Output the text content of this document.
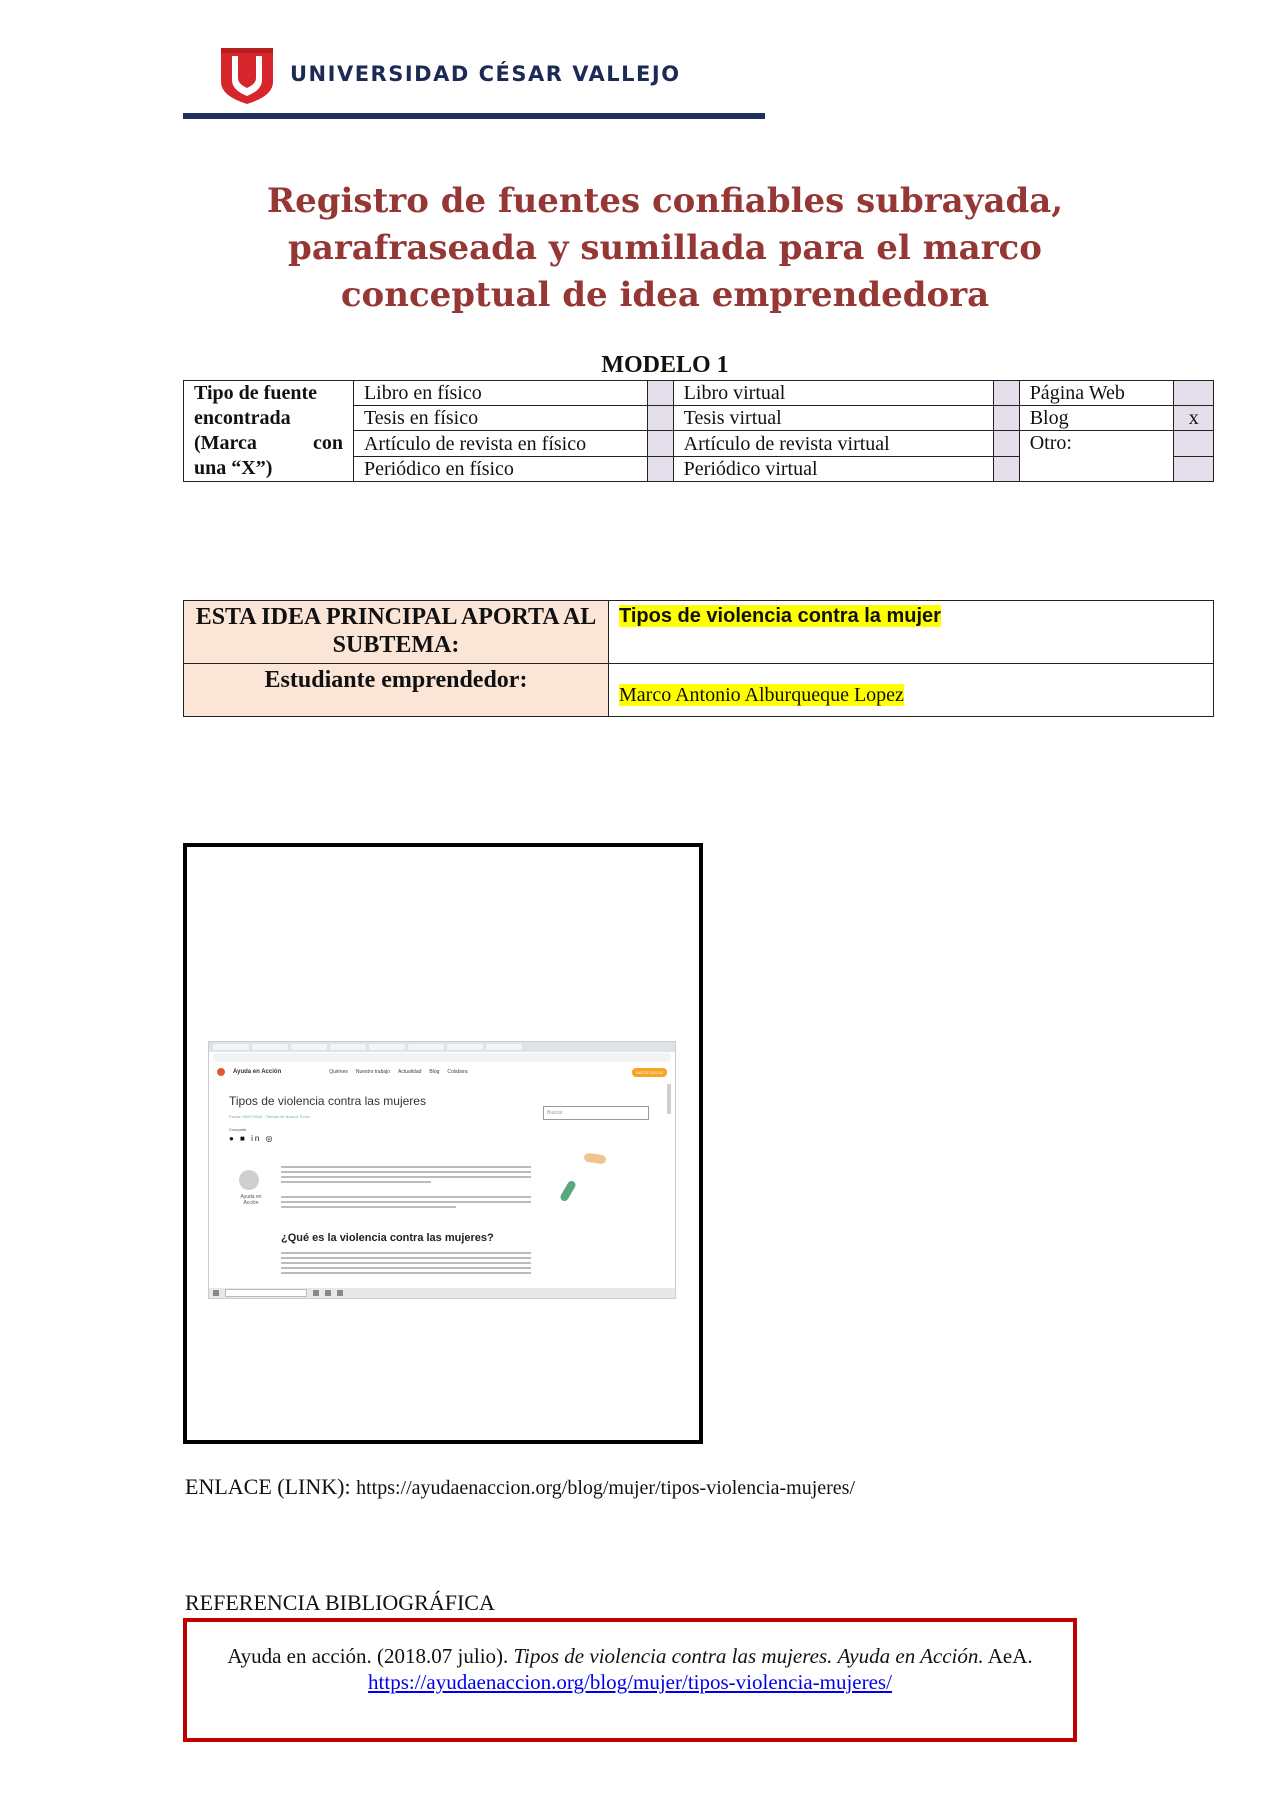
UNIVERSIDAD CÉSAR VALLEJO
Registro de fuentes confiables subrayada,
parafraseada y sumillada para el marco
conceptual de idea emprendedora
MODELO 1
Tipo de fuente
encontrada
(Marca con
una “X”)	Libro en físico		Libro virtual		Página Web	
	Tesis en físico		Tesis virtual		Blog	x
	Artículo de revista en físico		Artículo de revista virtual		Otro:	
	Periódico en físico		Periódico virtual			
ESTA IDEA PRINCIPAL APORTA AL SUBTEMA:	Tipos de violencia contra la mujer
Estudiante emprendedor:	Marco Antonio Alburqueque Lopez
Ayuda en Acción	Quiénes Nuestro trabajo Actualidad Blog Colabora	HAZTE SOCIO
Tipos de violencia contra las mujeres
Fecha: 06/07/2018 · Tiempo de lectura: 5 min.
Compartir
● ■ in ◎
Buscar
Ayuda en Acción
¿Qué es la violencia contra las mujeres?
ENLACE (LINK): https://ayudaenaccion.org/blog/mujer/tipos-violencia-mujeres/
REFERENCIA BIBLIOGRÁFICA
Ayuda en acción. (2018.07 julio). Tipos de violencia contra las mujeres. Ayuda en Acción. AeA.
https://ayudaenaccion.org/blog/mujer/tipos-violencia-mujeres/
